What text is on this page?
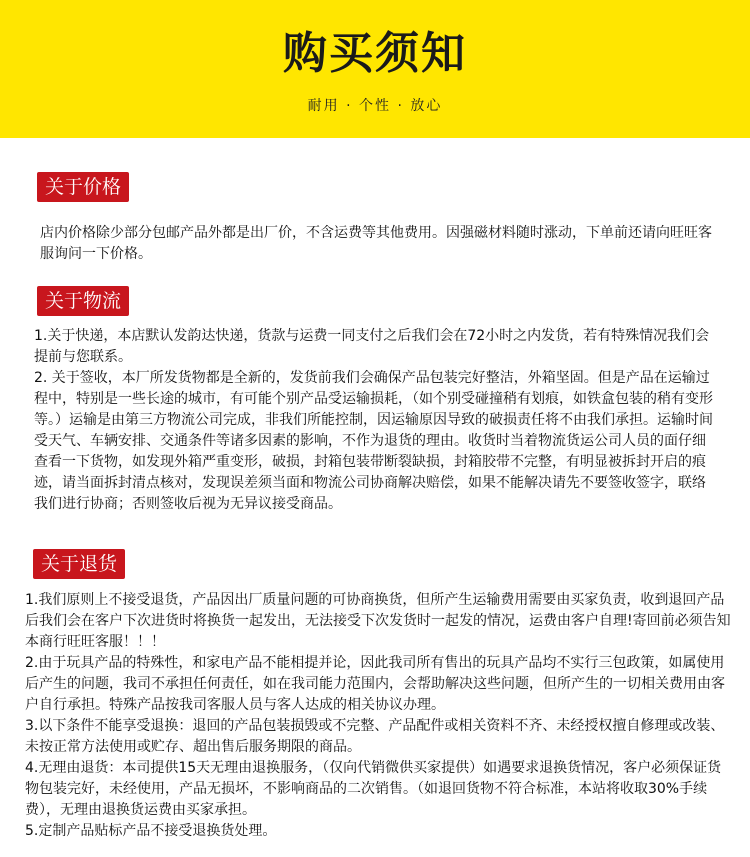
购买须知
耐用 · 个性 · 放心
关于价格

店内价格除少部分包邮产品外都是出厂价，不含运费等其他费用。因强磁材料随时涨动，下单前还请向旺旺客服询问一下价格。

关于物流

1.关于快递，本店默认发韵达快递，货款与运费一同支付之后我们会在72小时之内发货，若有特殊情况我们会提前与您联系。

2. 关于签收，本厂所发货物都是全新的，发货前我们会确保产品包装完好整洁，外箱坚固。但是产品在运输过程中，特别是一些长途的城市，有可能个别产品受运输损耗，（如个别受碰撞稍有划痕，如铁盒包装的稍有变形等。）运输是由第三方物流公司完成，非我们所能控制，因运输原因导致的破损责任将不由我们承担。运输时间受天气、车辆安排、交通条件等诸多因素的影响，不作为退货的理由。收货时当着物流货运公司人员的面仔细查看一下货物，如发现外箱严重变形，破损，封箱包装带断裂缺损，封箱胶带不完整，有明显被拆封开启的痕迹，请当面拆封清点核对，发现误差须当面和物流公司协商解决赔偿，如果不能解决请先不要签收签字，联络我们进行协商；否则签收后视为无异议接受商品。

关于退货

1.我们原则上不接受退货，产品因出厂质量问题的可协商换货，但所产生运输费用需要由买家负责，收到退回产品后我们会在客户下次进货时将换货一起发出，无法接受下次发货时一起发的情况，运费由客户自理!寄回前必须告知本商行旺旺客服！！！

2.由于玩具产品的特殊性，和家电产品不能相提并论，因此我司所有售出的玩具产品均不实行三包政策，如属使用后产生的问题，我司不承担任何责任，如在我司能力范围内，会帮助解决这些问题，但所产生的一切相关费用由客户自行承担。特殊产品按我司客服人员与客人达成的相关协议办理。

3.以下条件不能享受退换：退回的产品包装损毁或不完整、产品配件或相关资料不齐、未经授权擅自修理或改装、未按正常方法使用或贮存、超出售后服务期限的商品。

4.无理由退货：本司提供15天无理由退换服务，（仅向代销微供买家提供）如遇要求退换货情况，客户必须保证货物包装完好，未经使用，产品无损坏，不影响商品的二次销售。（如退回货物不符合标准，本站将收取30%手续费），无理由退换货运费由买家承担。

5.定制产品贴标产品不接受退换货处理。
